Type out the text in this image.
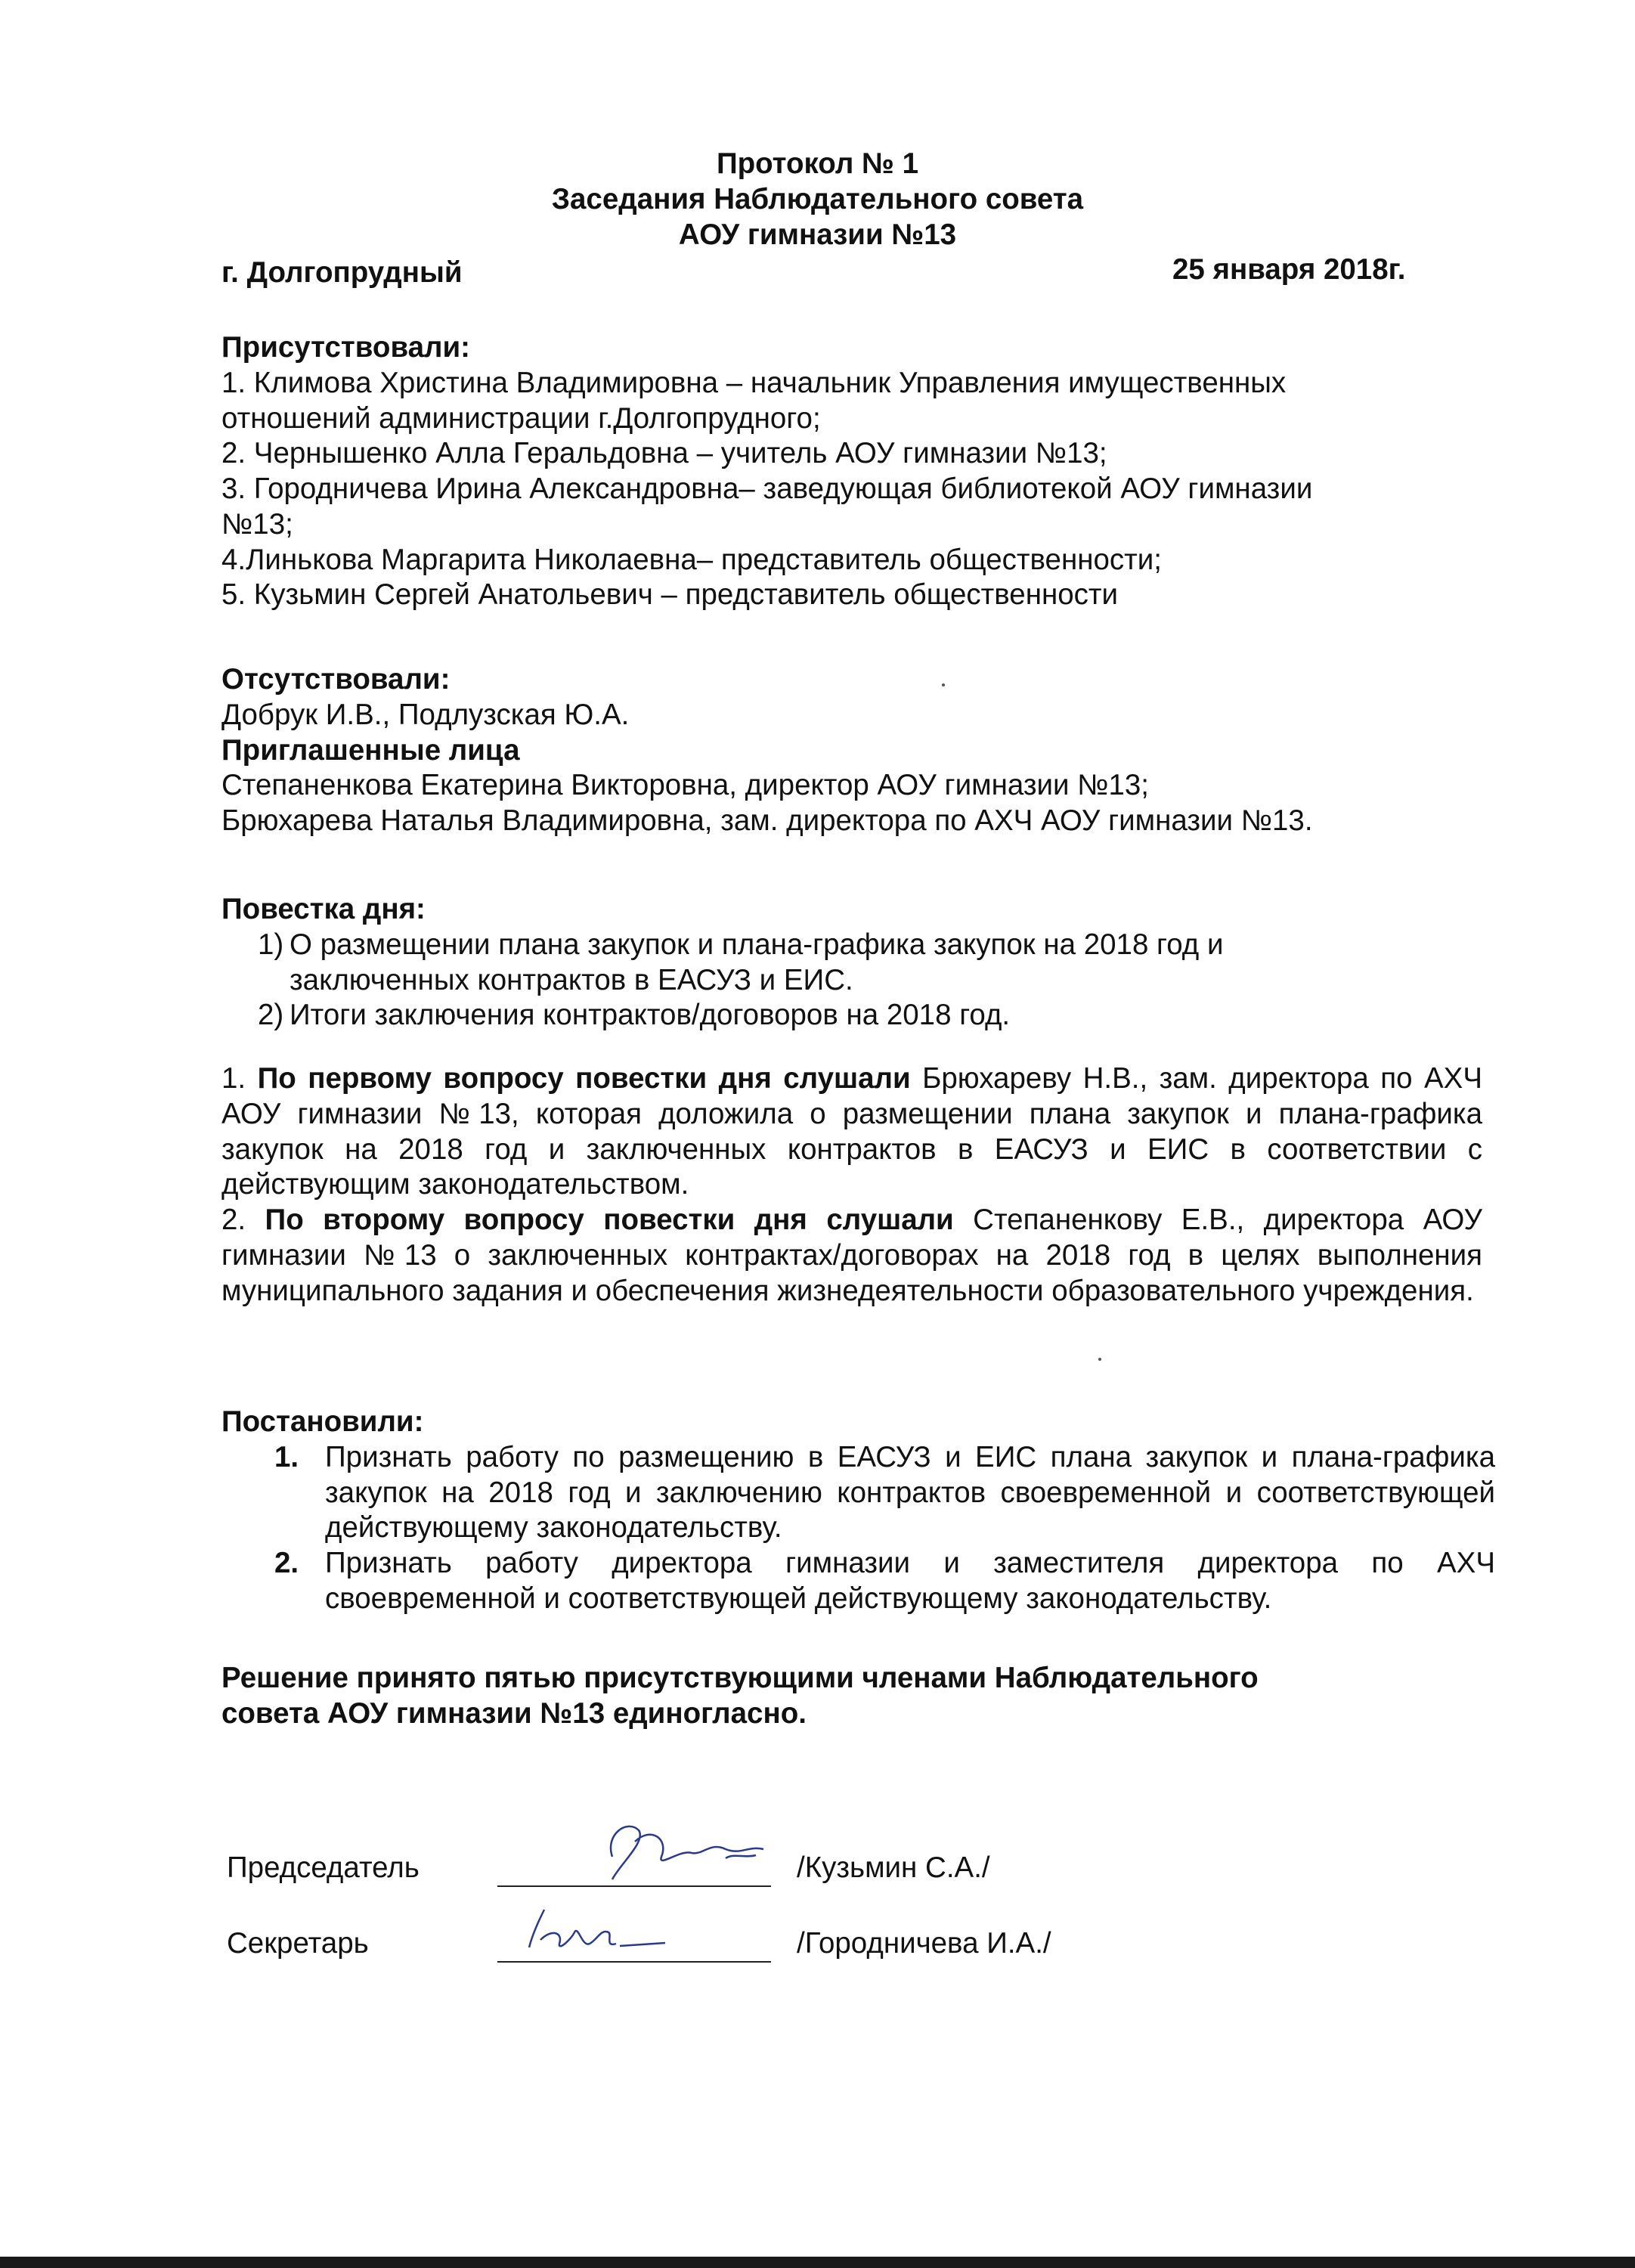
Протокол № 1
Заседания Наблюдательного совета
АОУ гимназии №13
г. Долгопрудный	25 января 2018г.
Присутствовали:
1. Климова Христина Владимировна – начальник Управления имущественных
отношений администрации г.Долгопрудного;
2. Чернышенко Алла Геральдовна – учитель АОУ гимназии №13;
3. Городничева Ирина Александровна– заведующая библиотекой АОУ гимназии
№13;
4.Линькова Маргарита Николаевна– представитель общественности;
5. Кузьмин Сергей Анатольевич – представитель общественности
Отсутствовали:
Добрук И.В., Подлузская Ю.А.
Приглашенные лица
Степаненкова Екатерина Викторовна, директор АОУ гимназии №13;
Брюхарева Наталья Владимировна, зам. директора по АХЧ АОУ гимназии №13.
Повестка дня:
1) О размещении плана закупок и плана-графика закупок на 2018 год и
заключенных контрактов в ЕАСУЗ и ЕИС.
2) Итоги заключения контрактов/договоров на 2018 год.
1. По первому вопросу повестки дня слушали Брюхареву Н.В., зам. директора по АХЧ АОУ гимназии №13, которая доложила о размещении плана закупок и плана-графика закупок на 2018 год и заключенных контрактов в ЕАСУЗ и ЕИС в соответствии с действующим законодательством.
2. По второму вопросу повестки дня слушали Степаненкову Е.В., директора АОУ гимназии №13 о заключенных контрактах/договорах на 2018 год в целях выполнения муниципального задания и обеспечения жизнедеятельности образовательного учреждения.
Постановили:
1. Признать работу по размещению в ЕАСУЗ и ЕИС плана закупок и плана-графика закупок на 2018 год и заключению контрактов своевременной и соответствующей действующему законодательству.
2. Признать работу директора гимназии и заместителя директора по АХЧ своевременной и соответствующей действующему законодательству.
Решение принято пятью присутствующими членами Наблюдательного
совета АОУ гимназии №13 единогласно.
Председатель	/Кузьмин С.А./
Секретарь	/Городничева И.А./
